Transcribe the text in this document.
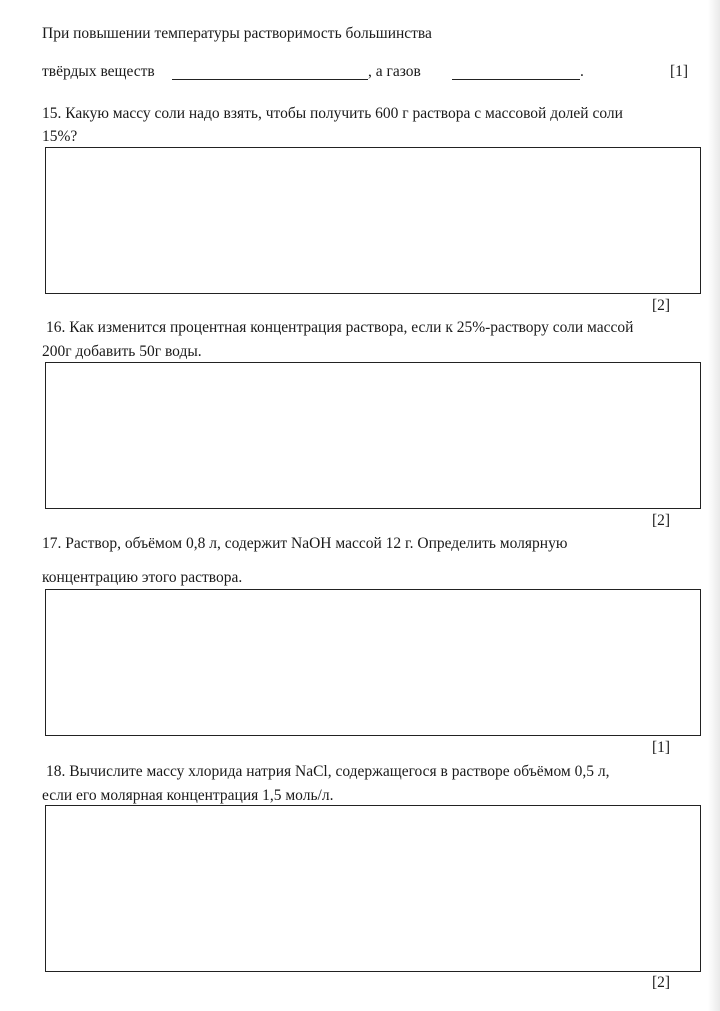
При повышении температуры растворимость большинства
твёрдых веществ	, а газов	.	[1]
15. Какую массу соли надо взять, чтобы получить 600 г раствора с массовой долей соли
15%?
[2]
16. Как изменится процентная концентрация раствора, если к 25%-раствору соли массой
200г добавить 50г воды.
[2]
17. Раствор, объёмом 0,8 л, содержит NaOH массой 12 г. Определить молярную
концентрацию этого раствора.
[1]
18. Вычислите массу хлорида натрия NaCl, содержащегося в растворе объёмом 0,5 л,
если его молярная концентрация 1,5 моль/л.
[2]
